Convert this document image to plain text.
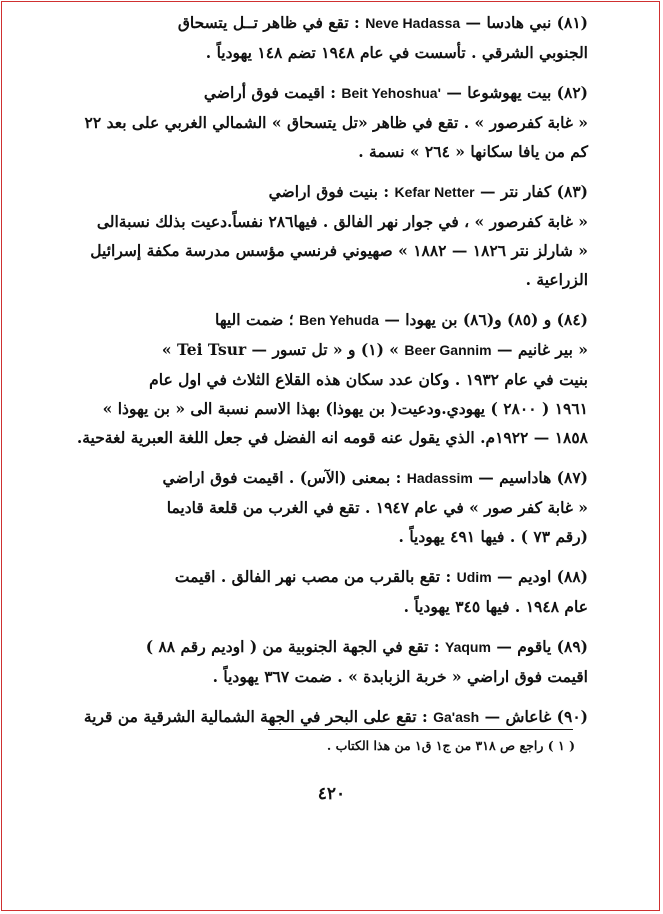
(٨١) نبي هادسا — Neve Hadassa : تقع في ظاهر تــل يتسحاق
الجنوبي الشرقي . تأسست في عام ١٩٤٨ تضم ١٤٨ يهودياً .
(٨٢) بيت يهوشوعا — Beit Yehoshua' : اقيمت فوق أراضي
« غابة كفرصور » . تقع في ظاهر «تل يتسحاق » الشمالي الغربي على بعد ٢٢
كم من يافا سكانها « ٢٦٤ » نسمة .
(٨٣) كفار نتر — Kefar Netter : بنيت فوق اراضي
« غابة كفرصور » ، في جوار نهر الفالق . فيها٢٨٦ نفساً.دعيت بذلك نسبةالى
« شارلز نتر ١٨٢٦ — ١٨٨٢ » صهيوني فرنسي مؤسس مدرسة مكفة إسرائيل
الزراعية .
(٨٤) و (٨٥) و(٨٦) بن يهودا — Ben Yehuda ؛ ضمت اليها
« بير غانيم — Beer Gannim » (١) و « تل تسور — Tei Tsur »
بنيت في عام ١٩٣٢ . وكان عدد سكان هذه القلاع الثلاث في اول عام
١٩٦١ ( ٢٨٠٠ ) يهودي.ودعيت( بن يهوذا) بهذا الاسم نسبة الى « بن يهوذا »
١٨٥٨ — ١٩٢٢م. الذي يقول عنه قومه انه الفضل في جعل اللغة العبرية لغةحية.
(٨٧) هاداسيم — Hadassim : بمعنى (الآس) . اقيمت فوق اراضي
« غابة كفر صور » في عام ١٩٤٧ . تقع في الغرب من قلعة قاديما
(رقم ٧٣ ) . فيها ٤٩١ يهودياً .
(٨٨) اوديم — Udim : تقع بالقرب من مصب نهر الفالق . اقيمت
عام ١٩٤٨ . فيها ٣٤٥ يهودياً .
(٨٩) ياقوم — Yaqum : تقع في الجهة الجنوبية من ( اوديم رقم ٨٨ )
اقيمت فوق اراضي « خربة الزبابدة » . ضمت ٣٦٧ يهودياً .
(٩٠) غاعاش — Ga'ash : تقع على البحر في الجهة الشمالية الشرقية من قرية
( ١ ) راجع ص ٣١٨ من ج١ ق١ من هذا الكتاب .
٤٢٠
